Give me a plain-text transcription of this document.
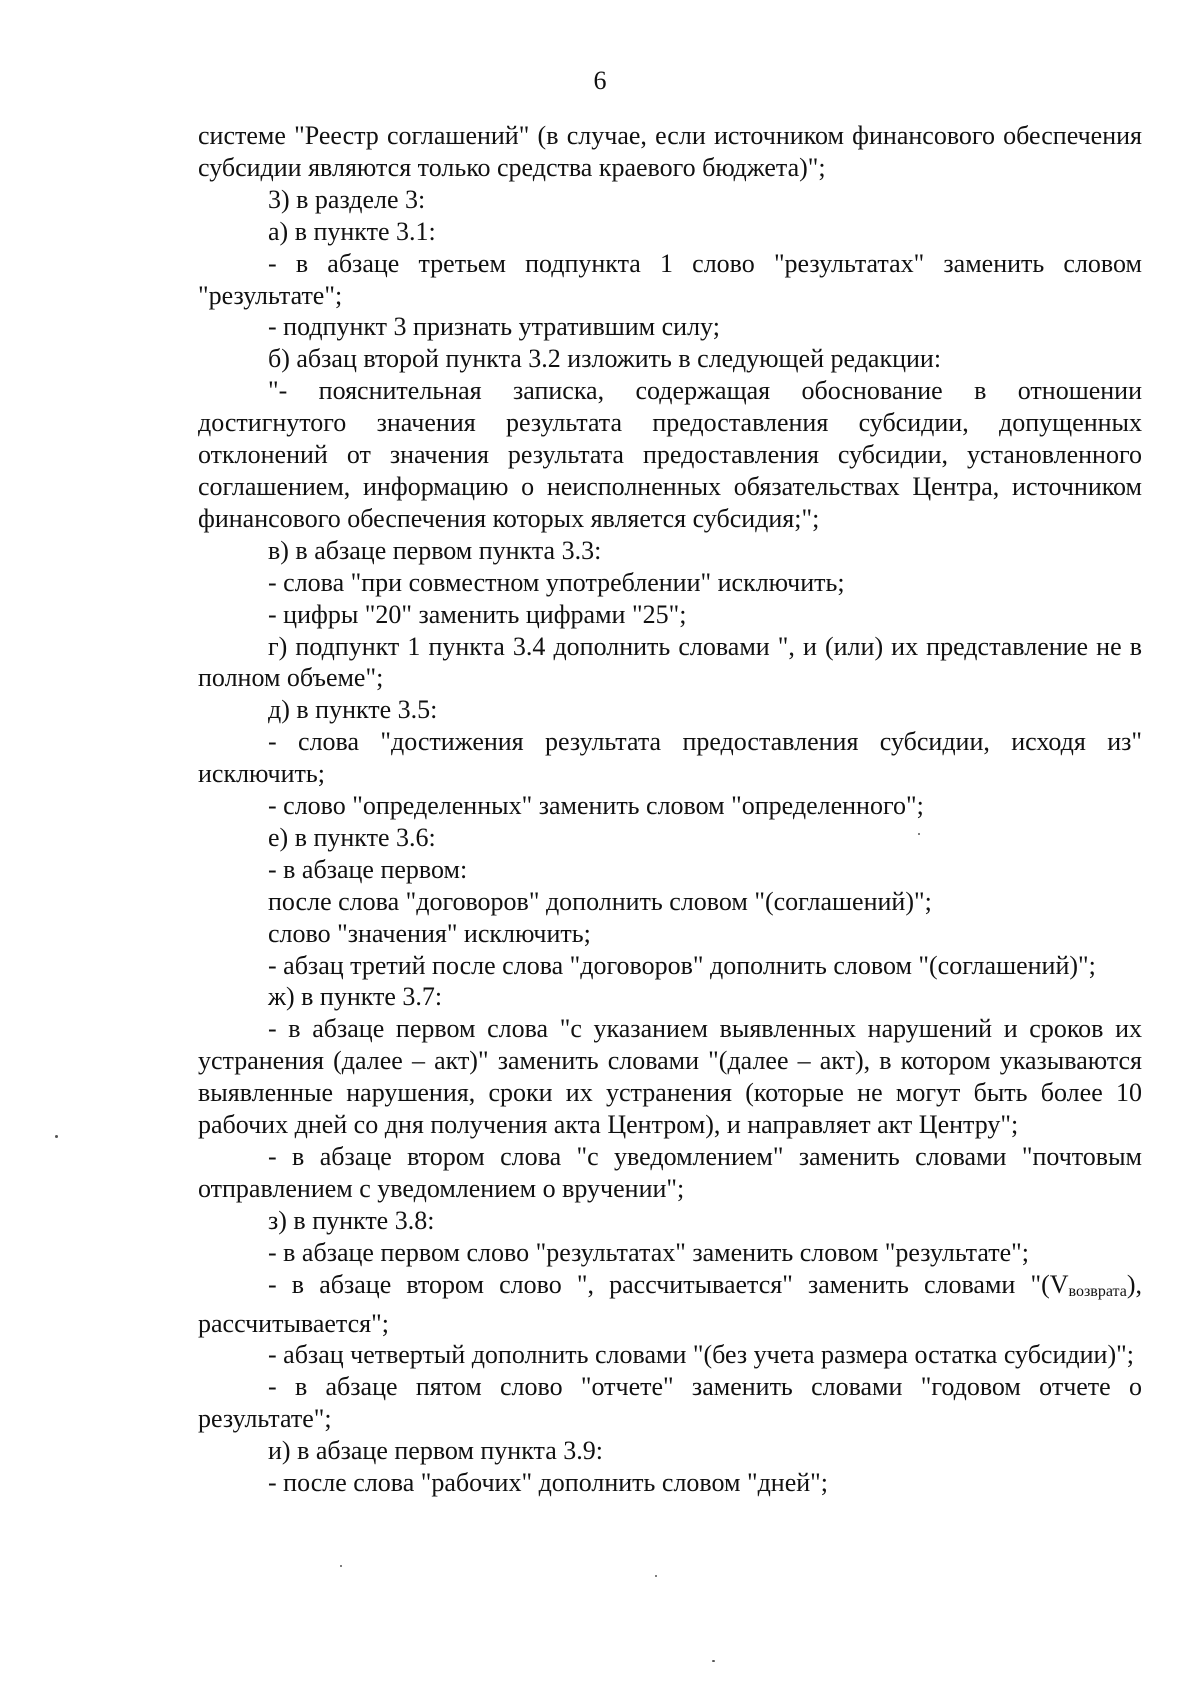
6

системе "Реестр соглашений" (в случае, если источником финансового обеспечения субсидии являются только средства краевого бюджета)";

3) в разделе 3:

а) в пункте 3.1:

- в абзаце третьем подпункта 1 слово "результатах" заменить словом "результате";

- подпункт 3 признать утратившим силу;

б) абзац второй пункта 3.2 изложить в следующей редакции:

"- пояснительная записка, содержащая обоснование в отношении достигнутого значения результата предоставления субсидии, допущенных отклонений от значения результата предоставления субсидии, установленного соглашением, информацию о неисполненных обязательствах Центра, источником финансового обеспечения которых является субсидия;";

в) в абзаце первом пункта 3.3:

- слова "при совместном употреблении" исключить;

- цифры "20" заменить цифрами "25";

г) подпункт 1 пункта 3.4 дополнить словами ", и (или) их представление не в полном объеме";

д) в пункте 3.5:

- слова "достижения результата предоставления субсидии, исходя из" исключить;

- слово "определенных" заменить словом "определенного";

е) в пункте 3.6:

- в абзаце первом:

после слова "договоров" дополнить словом "(соглашений)";

слово "значения" исключить;

- абзац третий после слова "договоров" дополнить словом "(соглашений)";

ж) в пункте 3.7:

- в абзаце первом слова "с указанием выявленных нарушений и сроков их устранения (далее – акт)" заменить словами "(далее – акт), в котором указываются выявленные нарушения, сроки их устранения (которые не могут быть более 10 рабочих дней со дня получения акта Центром), и направляет акт Центру";

- в абзаце втором слова "с уведомлением" заменить словами "почтовым отправлением с уведомлением о вручении";

з) в пункте 3.8:

- в абзаце первом слово "результатах" заменить словом "результате";

- в абзаце втором слово ", рассчитывается" заменить словами "(Vвозврата), рассчитывается";

- абзац четвертый дополнить словами "(без учета размера остатка субсидии)";

- в абзаце пятом слово "отчете" заменить словами "годовом отчете о результате";

и) в абзаце первом пункта 3.9:

- после слова "рабочих" дополнить словом "дней";
